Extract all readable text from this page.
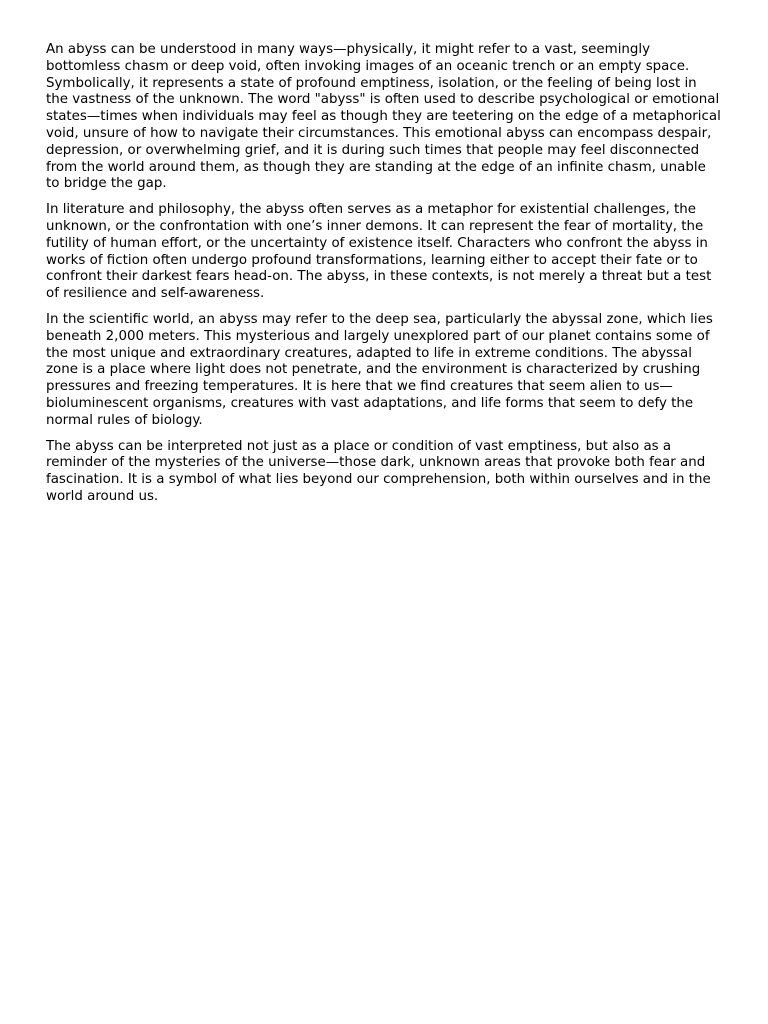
An abyss can be understood in many ways—physically, it might refer to a vast, seemingly bottomless chasm or deep void, often invoking images of an oceanic trench or an empty space. Symbolically, it represents a state of profound emptiness, isolation, or the feeling of being lost in the vastness of the unknown. The word "abyss" is often used to describe psychological or emotional states—times when individuals may feel as though they are teetering on the edge of a metaphorical void, unsure of how to navigate their circumstances. This emotional abyss can encompass despair, depression, or overwhelming grief, and it is during such times that people may feel disconnected from the world around them, as though they are standing at the edge of an infinite chasm, unable to bridge the gap.

In literature and philosophy, the abyss often serves as a metaphor for existential challenges, the unknown, or the confrontation with one’s inner demons. It can represent the fear of mortality, the futility of human effort, or the uncertainty of existence itself. Characters who confront the abyss in works of fiction often undergo profound transformations, learning either to accept their fate or to confront their darkest fears head-on. The abyss, in these contexts, is not merely a threat but a test of resilience and self-awareness.

In the scientific world, an abyss may refer to the deep sea, particularly the abyssal zone, which lies beneath 2,000 meters. This mysterious and largely unexplored part of our planet contains some of the most unique and extraordinary creatures, adapted to life in extreme conditions. The abyssal zone is a place where light does not penetrate, and the environment is characterized by crushing pressures and freezing temperatures. It is here that we find creatures that seem alien to us—bioluminescent organisms, creatures with vast adaptations, and life forms that seem to defy the normal rules of biology.

The abyss can be interpreted not just as a place or condition of vast emptiness, but also as a reminder of the mysteries of the universe—those dark, unknown areas that provoke both fear and fascination. It is a symbol of what lies beyond our comprehension, both within ourselves and in the world around us.
